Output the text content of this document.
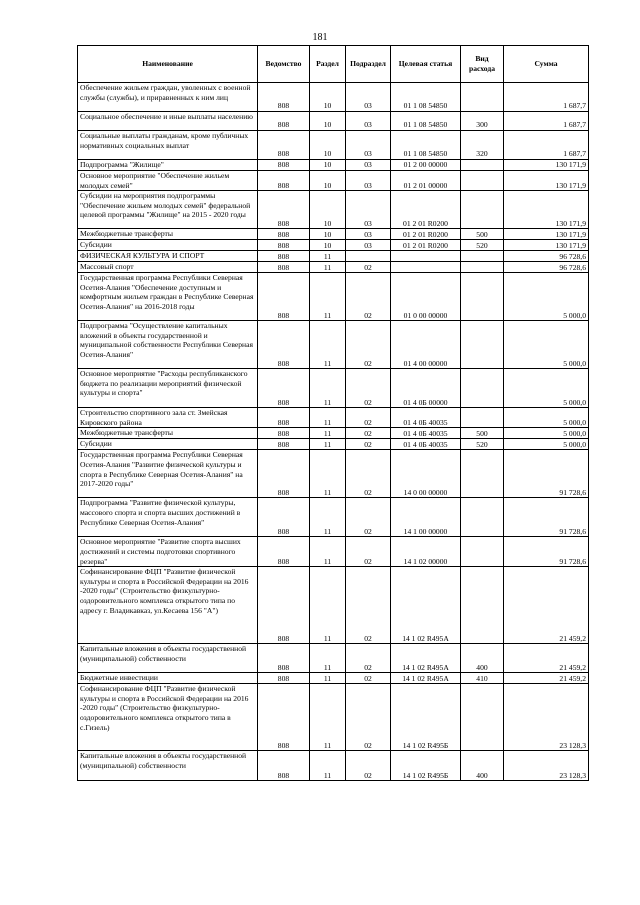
181
Наименование	Ведомство	Раздел	Подраздел	Целевая статья	Вид расхода	Сумма
Обеспечение жильем граждан, уволенных с военной службы (службы), и приравненных к ним лиц	808	10	03	01 1 08 54850		1 687,7
Социальное обеспечение и иные выплаты населению	808	10	03	01 1 08 54850	300	1 687,7
Социальные выплаты гражданам, кроме публичных нормативных социальных выплат	808	10	03	01 1 08 54850	320	1 687,7
Подпрограмма "Жилище"	808	10	03	01 2 00 00000		130 171,9
Основное мероприятие "Обеспечение жильем молодых семей"	808	10	03	01 2 01 00000		130 171,9
Субсидии на мероприятия подпрограммы "Обеспечение жильем молодых семей" федеральной целевой программы "Жилище" на 2015 - 2020 годы	808	10	03	01 2 01 R0200		130 171,9
Межбюджетные трансферты	808	10	03	01 2 01 R0200	500	130 171,9
Субсидии	808	10	03	01 2 01 R0200	520	130 171,9
ФИЗИЧЕСКАЯ КУЛЬТУРА И СПОРТ	808	11				96 728,6
Массовый спорт	808	11	02			96 728,6
Государственная программа Республики Северная Осетия-Алания "Обеспечение доступным и комфортным жильем граждан в Республике Северная Осетия-Алания" на 2016-2018 годы	808	11	02	01 0 00 00000		5 000,0
Подпрограмма "Осуществление капитальных вложений в объекты государственной и муниципальной собственности Республики Северная Осетия-Алания"	808	11	02	01 4 00 00000		5 000,0
Основное мероприятие "Расходы республиканского бюджета по реализации мероприятий физической культуры и спорта"	808	11	02	01 4 0Б 00000		5 000,0
Строительство спортивного зала ст. Змейская Кировского района	808	11	02	01 4 0Б 40035		5 000,0
Межбюджетные трансферты	808	11	02	01 4 0Б 40035	500	5 000,0
Субсидии	808	11	02	01 4 0Б 40035	520	5 000,0
Государственная программа Республики Северная Осетия-Алания "Развитие физической культуры и спорта в Республике Северная Осетия-Алания" на 2017-2020 годы"	808	11	02	14 0 00 00000		91 728,6
Подпрограмма "Развитие физической культуры, массового спорта и спорта высших достижений в Республике Северная Осетия-Алания"	808	11	02	14 1 00 00000		91 728,6
Основное мероприятие "Развитие спорта высших достижений и системы подготовки спортивного резерва"	808	11	02	14 1 02 00000		91 728,6
Софинансирование ФЦП "Развитие физической культуры и спорта в Российской Федерации на 2016 -2020 годы" (Строительство физкультурно-оздоровительного комплекса открытого типа по адресу г. Владикавказ, ул.Кесаева 156 "А")	808	11	02	14 1 02 R495A		21 459,2
Капитальные вложения в объекты государственной (муниципальной) собственности	808	11	02	14 1 02 R495A	400	21 459,2
Бюджетные инвестиции	808	11	02	14 1 02 R495A	410	21 459,2
Софинансирование ФЦП "Развитие физической культуры и спорта в Российской Федерации на 2016 -2020 годы" (Строительство физкультурно-оздоровительного комплекса открытого типа в с.Гизель)	808	11	02	14 1 02 R495Б		23 128,3
Капитальные вложения в объекты государственной (муниципальной) собственности	808	11	02	14 1 02 R495Б	400	23 128,3
